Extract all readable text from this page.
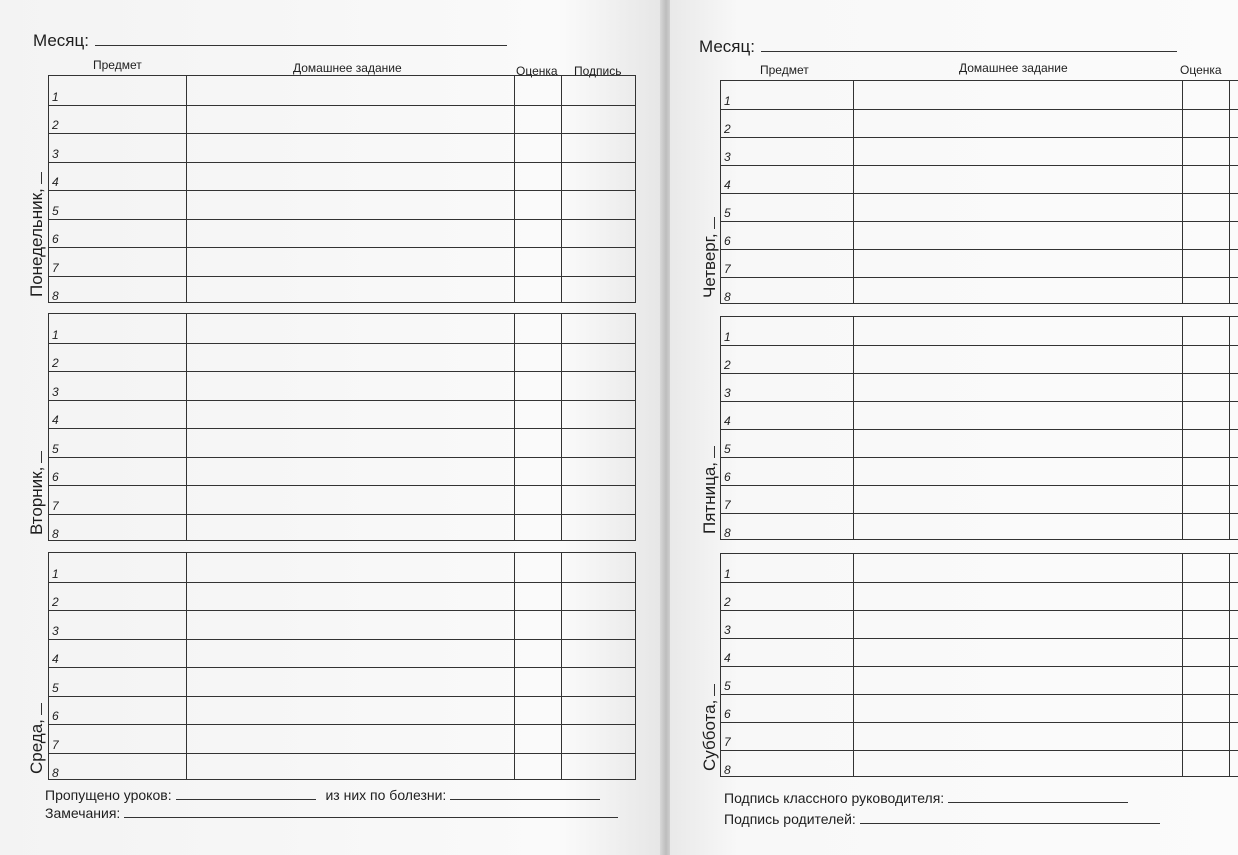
Месяц:
Предмет	Домашнее задание	Оценка Подпись
Понедельник,
1
2
3
4
5
6
7
8
Вторник,
1
2
3
4
5
6
7
8
Среда,
1
2
3
4
5
6
7
8
Пропущено уроков:	из них по болезни:
Замечания:
Месяц:
Предмет	Домашнее задание	Оценка
Четверг,
1
2
3
4
5
6
7
8
Пятница,
1
2
3
4
5
6
7
8
Суббота,
1
2
3
4
5
6
7
8
Подпись классного руководителя:
Подпись родителей:
